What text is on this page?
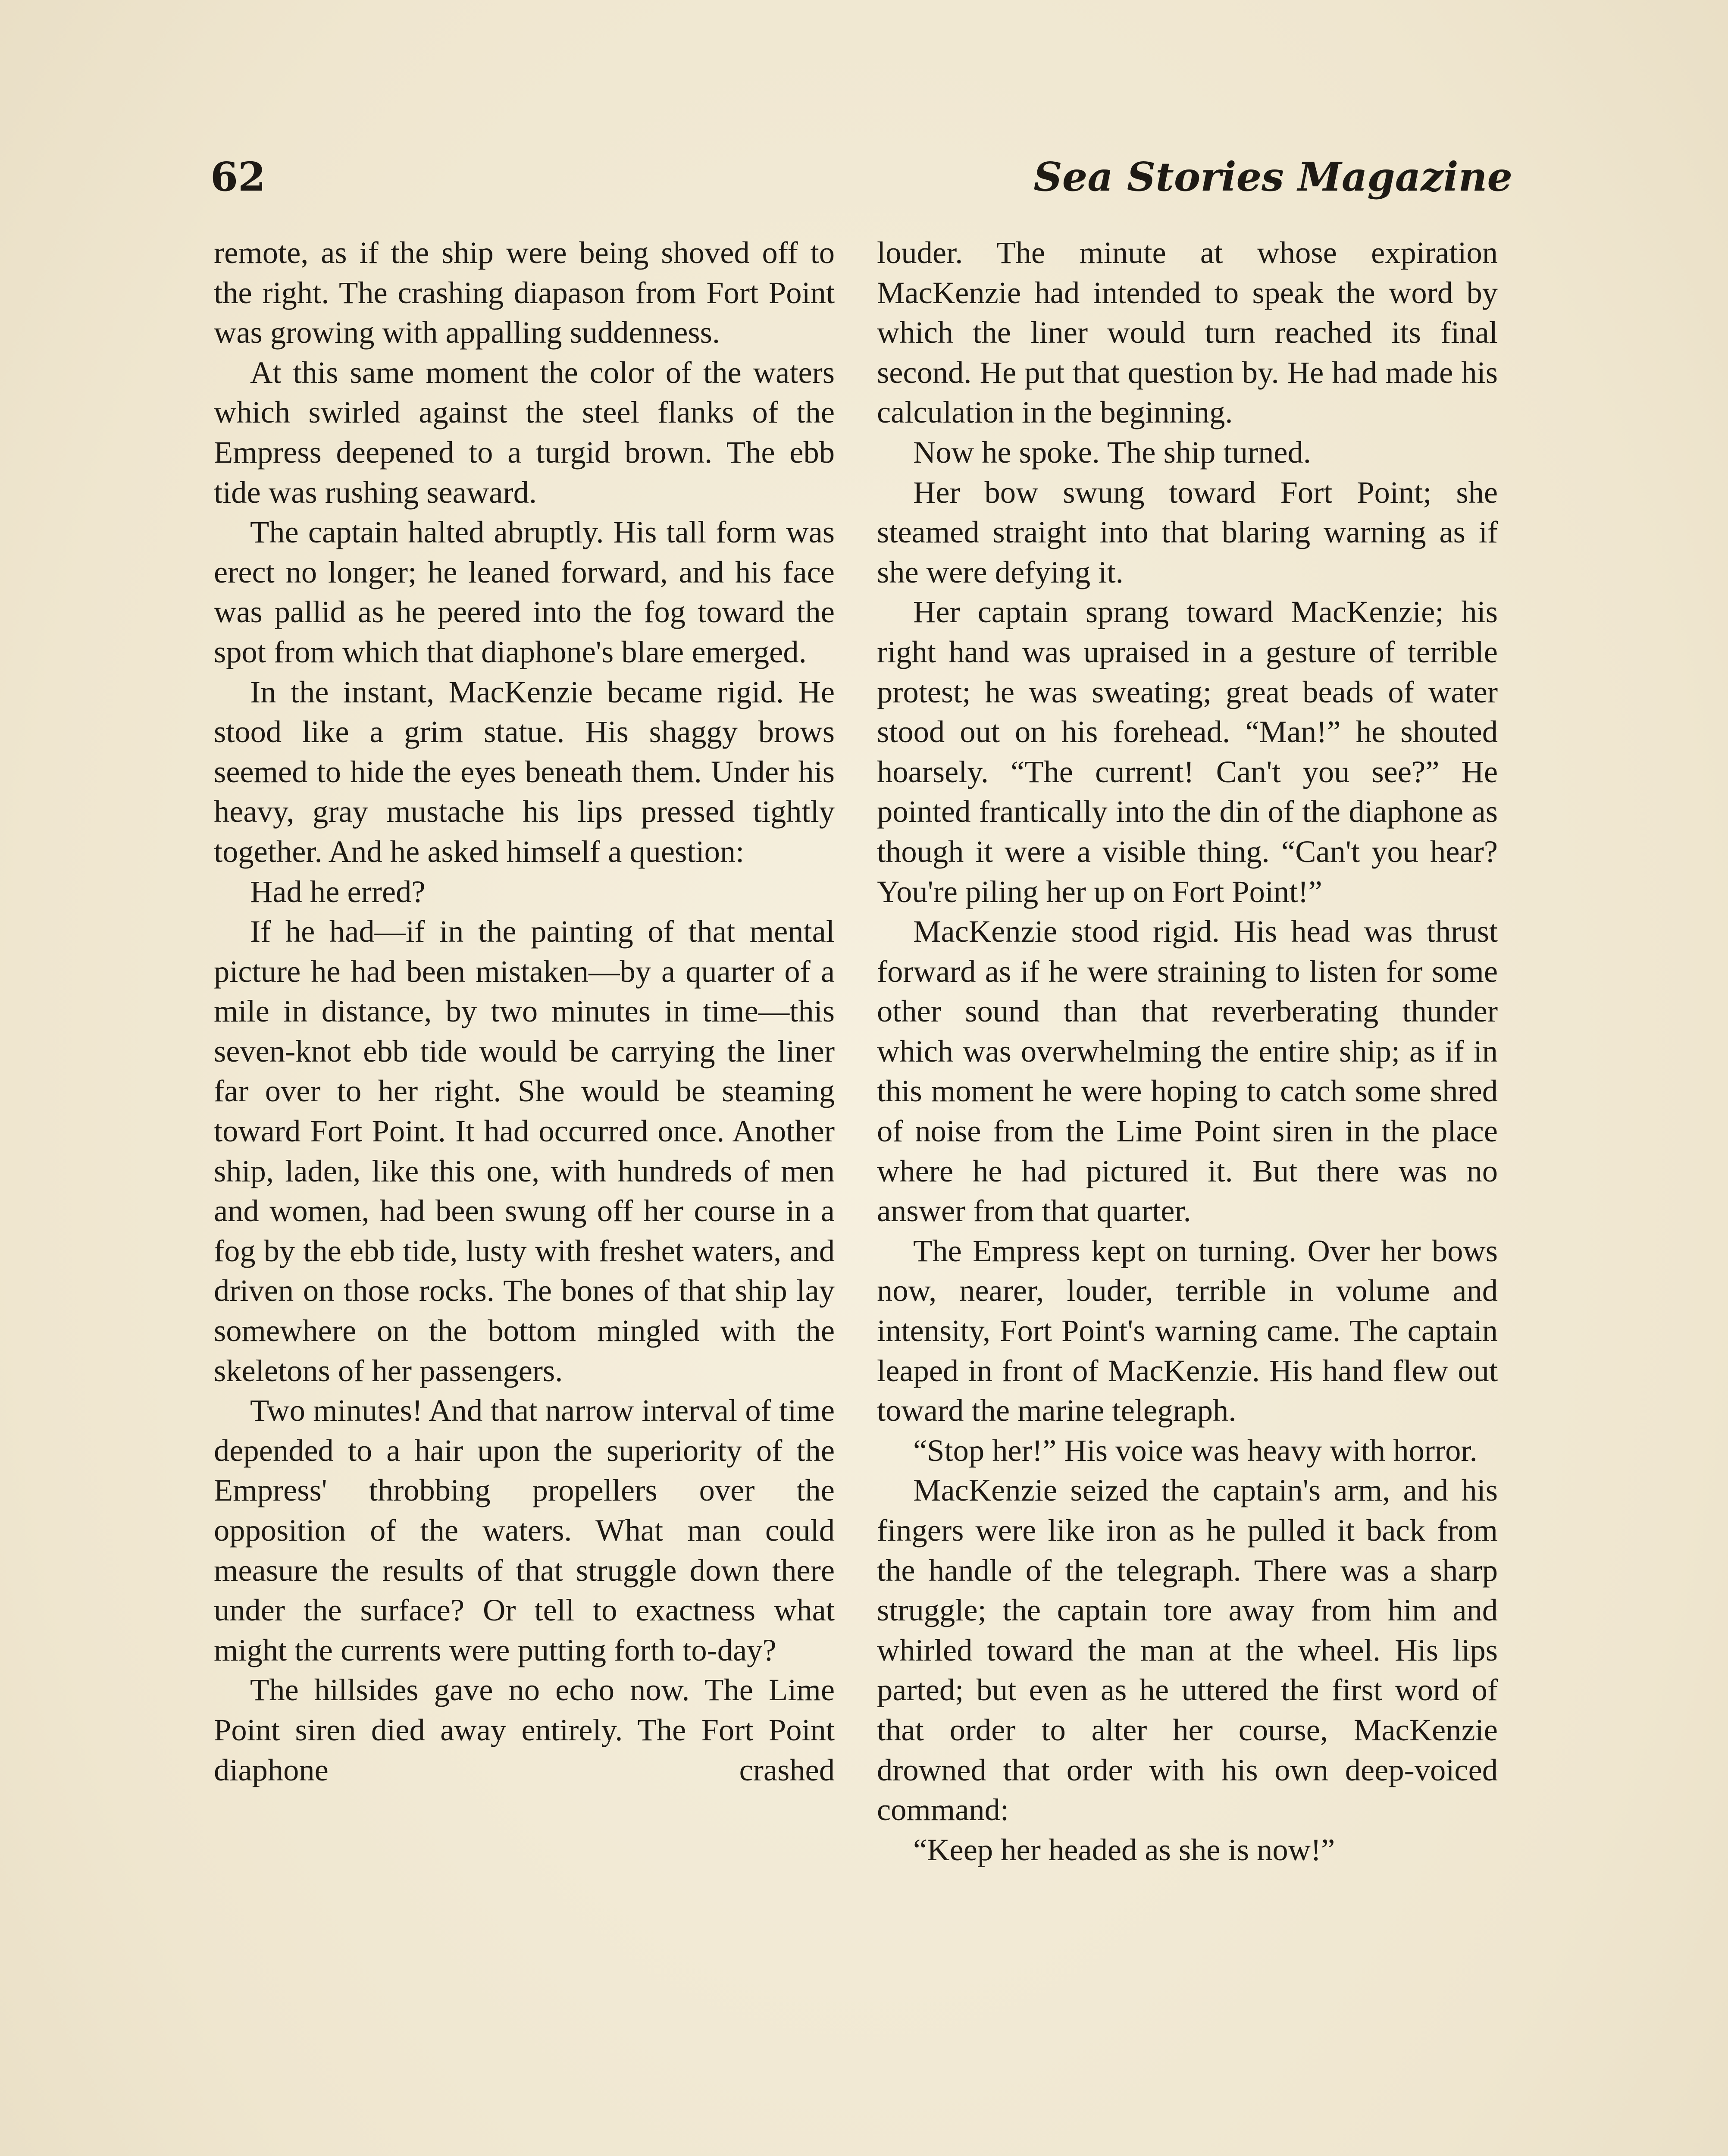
62	Sea Stories Magazine

remote, as if the ship were being shoved off to the right. The crashing diapason from Fort Point was growing with appalling suddenness.

At this same moment the color of the waters which swirled against the steel flanks of the Empress deepened to a turgid brown. The ebb tide was rushing seaward.

The captain halted abruptly. His tall form was erect no longer; he leaned forward, and his face was pallid as he peered into the fog toward the spot from which that diaphone's blare emerged.

In the instant, MacKenzie became rigid. He stood like a grim statue. His shaggy brows seemed to hide the eyes beneath them. Under his heavy, gray mustache his lips pressed tightly together. And he asked himself a question:

Had he erred?

If he had—if in the painting of that mental picture he had been mistaken—by a quarter of a mile in distance, by two minutes in time—this seven-knot ebb tide would be carrying the liner far over to her right. She would be steaming toward Fort Point. It had occurred once. Another ship, laden, like this one, with hundreds of men and women, had been swung off her course in a fog by the ebb tide, lusty with freshet waters, and driven on those rocks. The bones of that ship lay somewhere on the bottom mingled with the skeletons of her passengers.

Two minutes! And that narrow interval of time depended to a hair upon the superiority of the Empress' throbbing propellers over the opposition of the waters. What man could measure the results of that struggle down there under the surface? Or tell to exactness what might the currents were putting forth to-day?

The hillsides gave no echo now. The Lime Point siren died away entirely. The Fort Point diaphone crashed

louder. The minute at whose expiration MacKenzie had intended to speak the word by which the liner would turn reached its final second. He put that question by. He had made his calculation in the beginning.

Now he spoke. The ship turned.

Her bow swung toward Fort Point; she steamed straight into that blaring warning as if she were defying it.

Her captain sprang toward MacKenzie; his right hand was upraised in a gesture of terrible protest; he was sweating; great beads of water stood out on his forehead. “Man!” he shouted hoarsely. “The current! Can't you see?” He pointed frantically into the din of the diaphone as though it were a visible thing. “Can't you hear? You're piling her up on Fort Point!”

MacKenzie stood rigid. His head was thrust forward as if he were straining to listen for some other sound than that reverberating thunder which was overwhelming the entire ship; as if in this moment he were hoping to catch some shred of noise from the Lime Point siren in the place where he had pictured it. But there was no answer from that quarter.

The Empress kept on turning. Over her bows now, nearer, louder, terrible in volume and intensity, Fort Point's warning came. The captain leaped in front of MacKenzie. His hand flew out toward the marine telegraph.

“Stop her!” His voice was heavy with horror.

MacKenzie seized the captain's arm, and his fingers were like iron as he pulled it back from the handle of the telegraph. There was a sharp struggle; the captain tore away from him and whirled toward the man at the wheel. His lips parted; but even as he uttered the first word of that order to alter her course, MacKenzie drowned that order with his own deep-voiced command:

“Keep her headed as she is now!”
